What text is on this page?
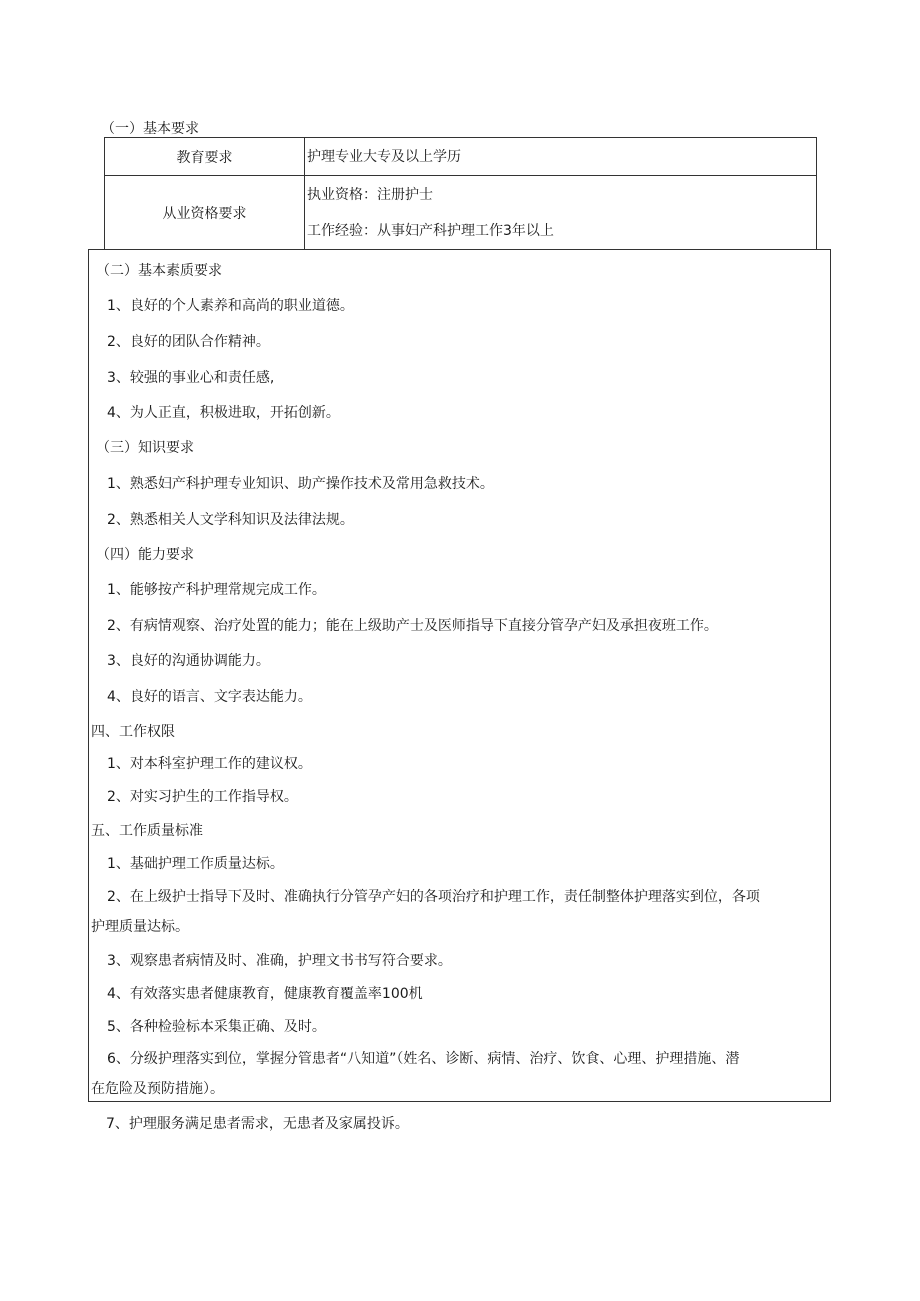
（一）基本要求
教育要求	护理专业大专及以上学历

从业资格要求	执业资格：注册护士
工作经验：从事妇产科护理工作3年以上
（二）基本素质要求
1、良好的个人素养和高尚的职业道德。
2、良好的团队合作精神。
3、较强的事业心和责任感,
4、为人正直，积极进取，开拓创新。
（三）知识要求
1、熟悉妇产科护理专业知识、助产操作技术及常用急救技术。
2、熟悉相关人文学科知识及法律法规。
（四）能力要求
1、能够按产科护理常规完成工作。
2、有病情观察、治疗处置的能力；能在上级助产士及医师指导下直接分管孕产妇及承担夜班工作。
3、良好的沟通协调能力。
4、良好的语言、文字表达能力。
四、工作权限
1、对本科室护理工作的建议权。
2、对实习护生的工作指导权。
五、工作质量标准
1、基础护理工作质量达标。
2、在上级护士指导下及时、准确执行分管孕产妇的各项治疗和护理工作，责任制整体护理落实到位，各项
护理质量达标。
3、观察患者病情及时、准确，护理文书书写符合要求。
4、有效落实患者健康教育，健康教育覆盖率100机
5、各种检验标本采集正确、及时。
6、分级护理落实到位，掌握分管患者“八知道”（姓名、诊断、病情、治疗、饮食、心理、护理措施、潜
在危险及预防措施）。
7、护理服务满足患者需求，无患者及家属投诉。
